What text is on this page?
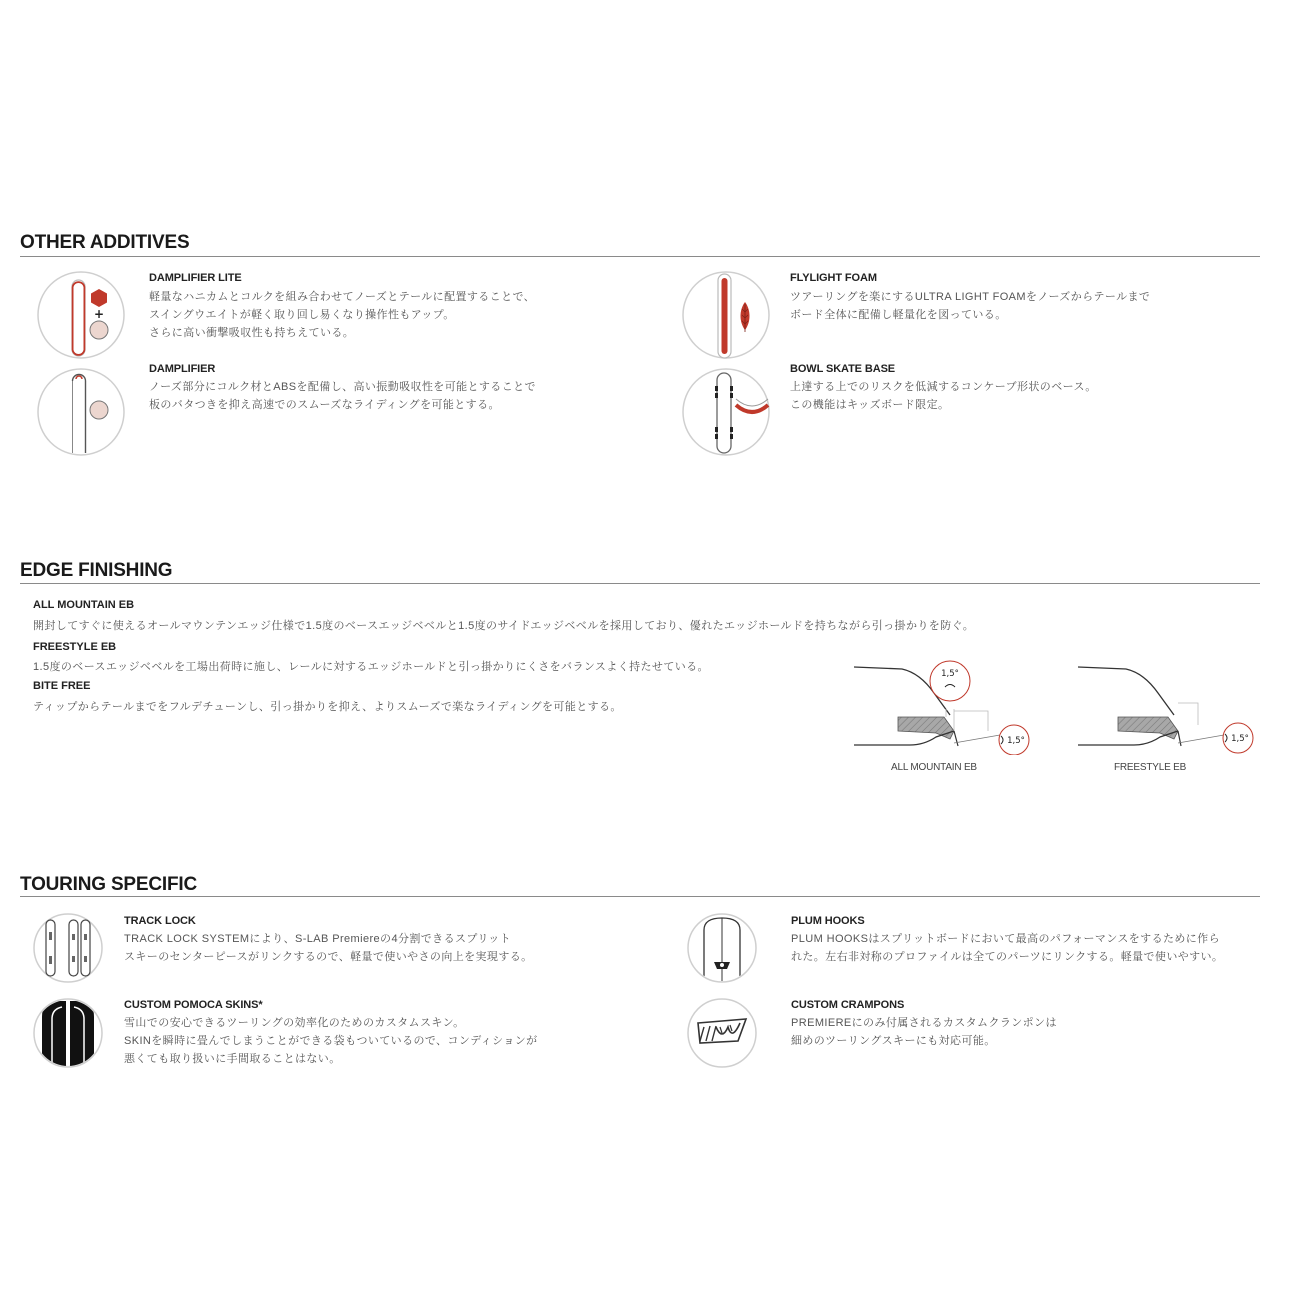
OTHER ADDITIVES
+
DAMPLIFIER LITE
軽量なハニカムとコルクを組み合わせてノーズとテールに配置することで、
スイングウエイトが軽く取り回し易くなり操作性もアップ。
さらに高い衝撃吸収性も持ちえている。
DAMPLIFIER
ノーズ部分にコルク材とABSを配備し、高い振動吸収性を可能とすることで
板のバタつきを抑え高速でのスムーズなライディングを可能とする。
FLYLIGHT FOAM
ツアーリングを楽にするULTRA LIGHT FOAMをノーズからテールまで
ボード全体に配備し軽量化を図っている。
BOWL SKATE BASE
上達する上でのリスクを低減するコンケーブ形状のベース。
この機能はキッズボード限定。
EDGE FINISHING
ALL MOUNTAIN EB
開封してすぐに使えるオールマウンテンエッジ仕様で1.5度のベースエッジベベルと1.5度のサイドエッジベベルを採用しており、優れたエッジホールドを持ちながら引っ掛かりを防ぐ。
FREESTYLE EB
1.5度のベースエッジベベルを工場出荷時に施し、レールに対するエッジホールドと引っ掛かりにくさをバランスよく持たせている。
BITE FREE
ティップからテールまでをフルデチューンし、引っ掛かりを抑え、よりスムーズで楽なライディングを可能とする。
1,5°
1,5°
ALL MOUNTAIN EB
1,5°
FREESTYLE EB
TOURING SPECIFIC
TRACK LOCK
TRACK LOCK SYSTEMにより、S-LAB Premiereの4分割できるスプリット
スキーのセンターピースがリンクするので、軽量で使いやさの向上を実現する。
CUSTOM POMOCA SKINS*
雪山での安心できるツーリングの効率化のためのカスタムスキン。
SKINを瞬時に畳んでしまうことができる袋もついているので、コンディションが
悪くても取り扱いに手間取ることはない。
PLUM HOOKS
PLUM HOOKSはスプリットボードにおいて最高のパフォーマンスをするために作ら
れた。左右非対称のプロファイルは全てのパーツにリンクする。軽量で使いやすい。
CUSTOM CRAMPONS
PREMIEREにのみ付属されるカスタムクランポンは
細めのツーリングスキーにも対応可能。
